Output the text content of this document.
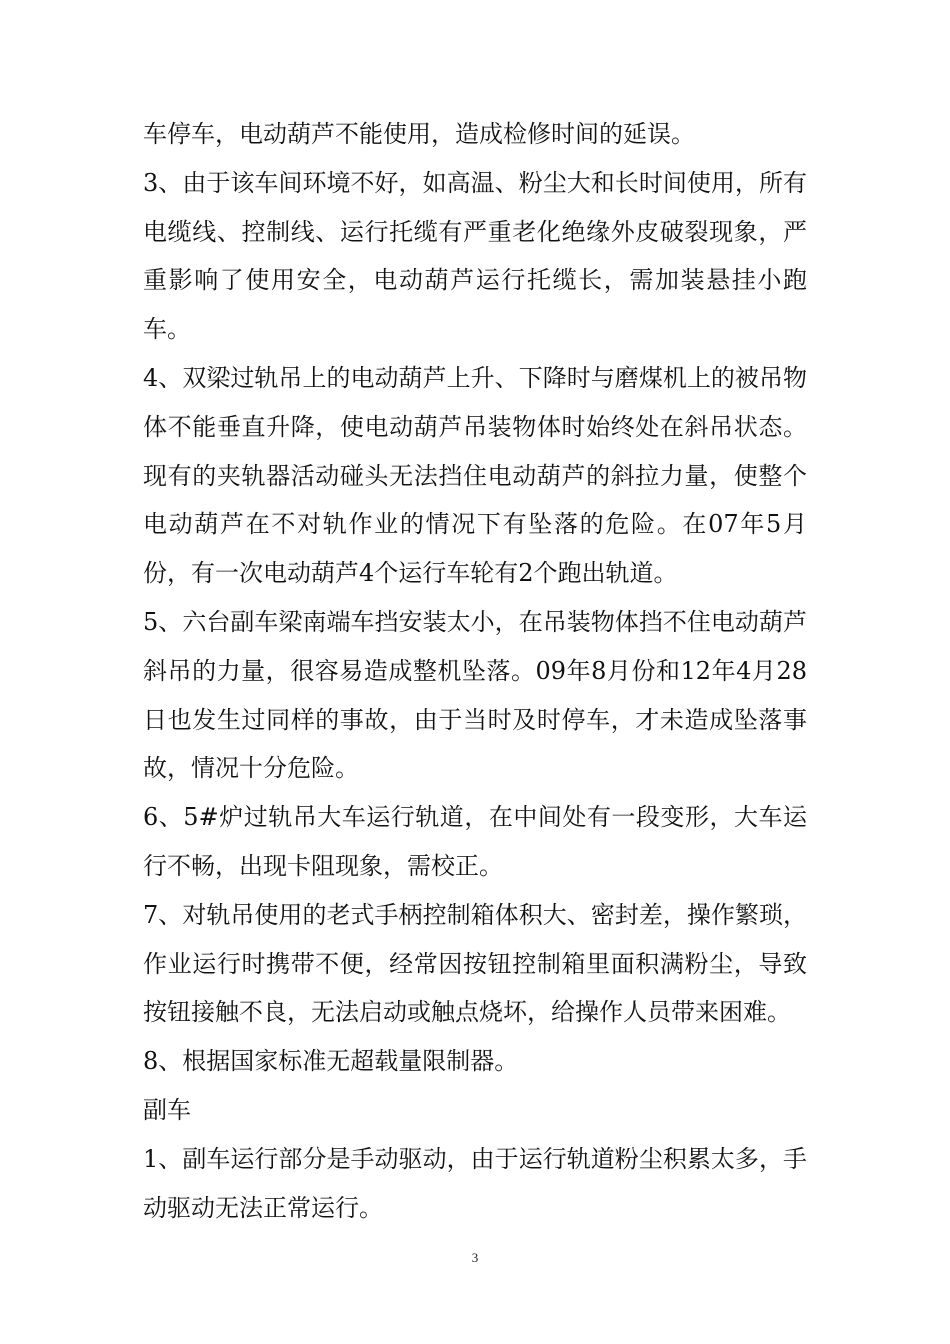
车停车，电动葫芦不能使用，造成检修时间的延误。

3、由于该车间环境不好，如高温、粉尘大和长时间使用，所有电缆线、控制线、运行托缆有严重老化绝缘外皮破裂现象，严重影响了使用安全，电动葫芦运行托缆长，需加装悬挂小跑车。

4、双梁过轨吊上的电动葫芦上升、下降时与磨煤机上的被吊物体不能垂直升降，使电动葫芦吊装物体时始终处在斜吊状态。现有的夹轨器活动碰头无法挡住电动葫芦的斜拉力量，使整个电动葫芦在不对轨作业的情况下有坠落的危险。在07年5月份，有一次电动葫芦4个运行车轮有2个跑出轨道。

5、六台副车梁南端车挡安装太小，在吊装物体挡不住电动葫芦斜吊的力量，很容易造成整机坠落。09年8月份和12年4月28日也发生过同样的事故，由于当时及时停车，才未造成坠落事故，情况十分危险。

6、5#炉过轨吊大车运行轨道，在中间处有一段变形，大车运行不畅，出现卡阻现象，需校正。

7、对轨吊使用的老式手柄控制箱体积大、密封差，操作繁琐，作业运行时携带不便，经常因按钮控制箱里面积满粉尘，导致按钮接触不良，无法启动或触点烧坏，给操作人员带来困难。

8、根据国家标准无超载量限制器。

副车

1、副车运行部分是手动驱动，由于运行轨道粉尘积累太多，手动驱动无法正常运行。

3
